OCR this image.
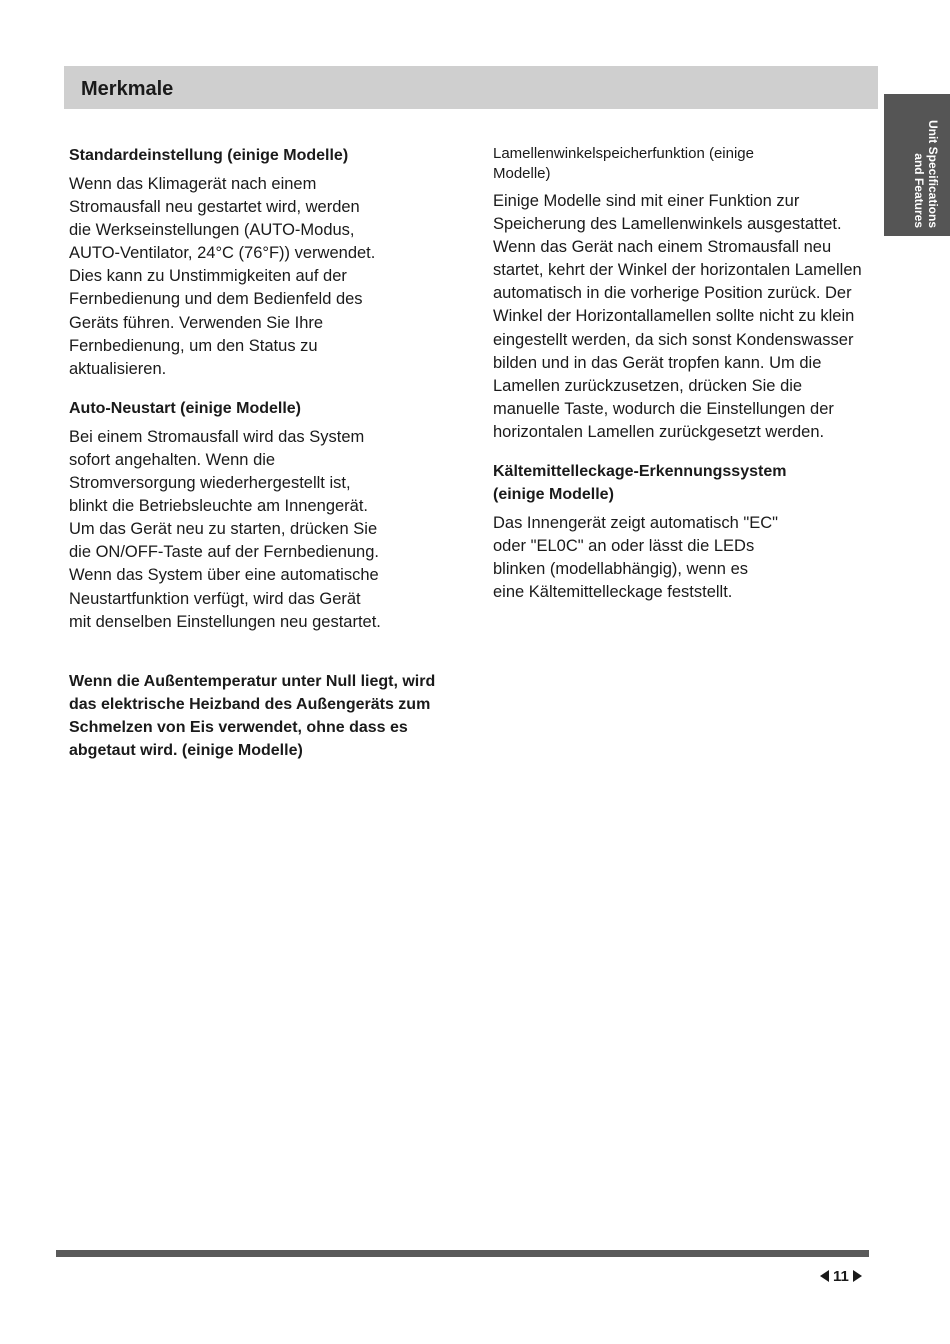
Merkmale
Unit Specifications and Features

Standardeinstellung (einige Modelle)

Wenn das Klimagerät nach einem
Stromausfall neu gestartet wird, werden
die Werkseinstellungen (AUTO-Modus,
AUTO-Ventilator, 24°C (76°F)) verwendet.
Dies kann zu Unstimmigkeiten auf der
Fernbedienung und dem Bedienfeld des
Geräts führen. Verwenden Sie Ihre
Fernbedienung, um den Status zu
aktualisieren.

Auto-Neustart (einige Modelle)

Bei einem Stromausfall wird das System
sofort angehalten. Wenn die
Stromversorgung wiederhergestellt ist,
blinkt die Betriebsleuchte am Innengerät.
Um das Gerät neu zu starten, drücken Sie
die ON/OFF-Taste auf der Fernbedienung.
Wenn das System über eine automatische
Neustartfunktion verfügt, wird das Gerät
mit denselben Einstellungen neu gestartet.

Wenn die Außentemperatur unter Null liegt, wird
das elektrische Heizband des Außengeräts zum
Schmelzen von Eis verwendet, ohne dass es
abgetaut wird. (einige Modelle)

Lamellenwinkelspeicherfunktion (einige
Modelle)

Einige Modelle sind mit einer Funktion zur
Speicherung des Lamellenwinkels ausgestattet.
Wenn das Gerät nach einem Stromausfall neu
startet, kehrt der Winkel der horizontalen Lamellen
automatisch in die vorherige Position zurück. Der
Winkel der Horizontallamellen sollte nicht zu klein
eingestellt werden, da sich sonst Kondenswasser
bilden und in das Gerät tropfen kann. Um die
Lamellen zurückzusetzen, drücken Sie die
manuelle Taste, wodurch die Einstellungen der
horizontalen Lamellen zurückgesetzt werden.

Kältemittelleckage-Erkennungssystem
(einige Modelle)

Das Innengerät zeigt automatisch "EC"
oder "EL0C" an oder lässt die LEDs
blinken (modellabhängig), wenn es
eine Kältemittelleckage feststellt.

11
